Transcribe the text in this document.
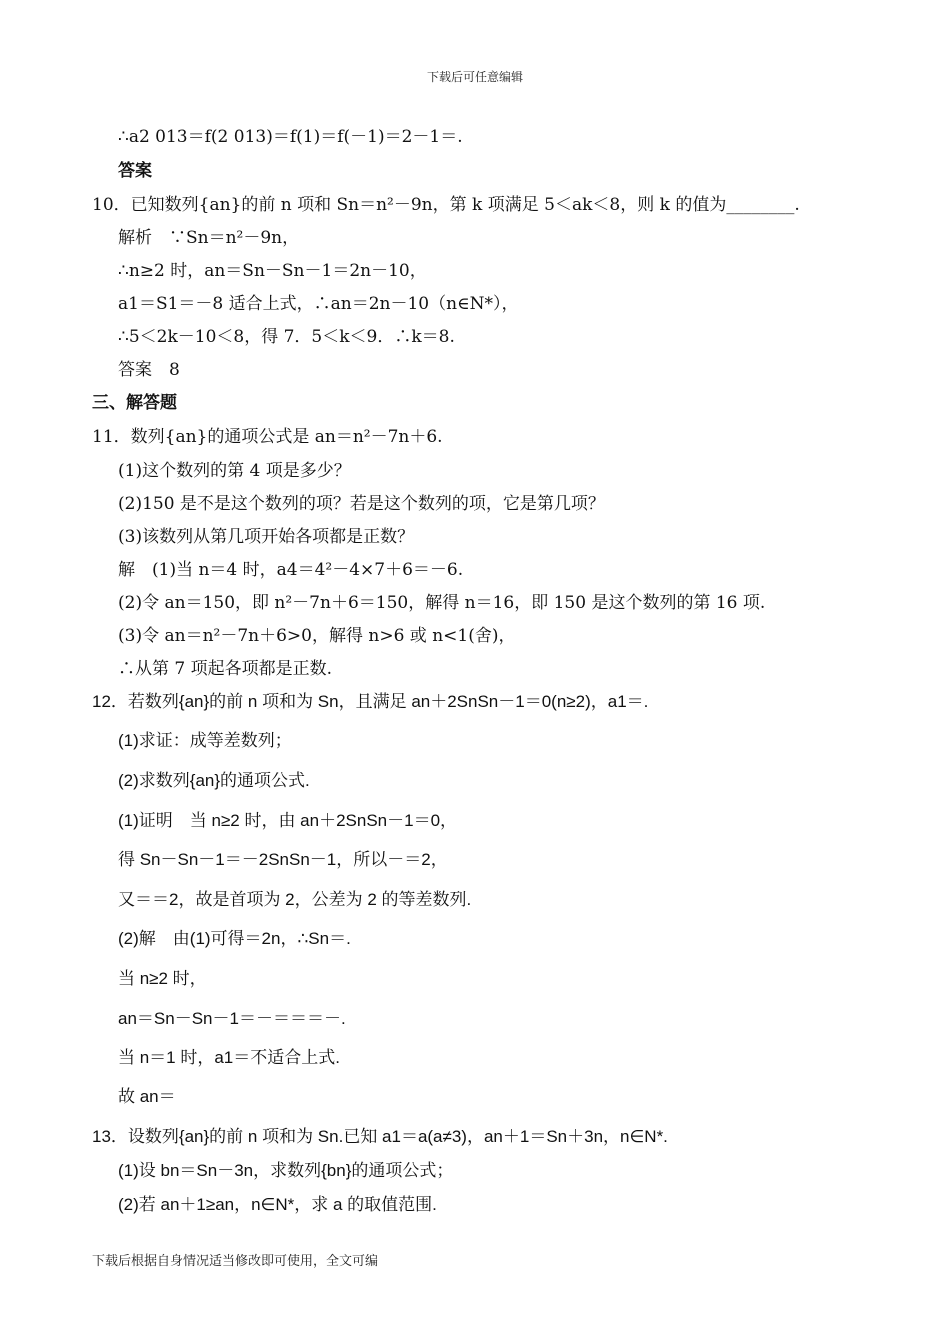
下载后可任意编辑
∴a2 013＝f(2 013)＝f(1)＝f(－1)＝2－1＝.
答案
10．已知数列{an}的前 n 项和 Sn＝n²－9n，第 k 项满足 5＜ak＜8，则 k 的值为________.
解析　∵Sn＝n²－9n，
∴n≥2 时，an＝Sn－Sn－1＝2n－10，
a1＝S1＝－8 适合上式，∴an＝2n－10（n∈N*），
∴5＜2k－10＜8，得 7．5＜k＜9．∴k＝8.
答案　8
三、解答题
11．数列{an}的通项公式是 an＝n²－7n＋6.
(1)这个数列的第 4 项是多少？
(2)150 是不是这个数列的项？若是这个数列的项，它是第几项？
(3)该数列从第几项开始各项都是正数？
解　(1)当 n＝4 时，a4＝4²－4×7＋6＝－6.
(2)令 an＝150，即 n²－7n＋6＝150，解得 n＝16，即 150 是这个数列的第 16 项.
(3)令 an＝n²－7n＋6>0，解得 n>6 或 n<1(舍)，
∴从第 7 项起各项都是正数.
12．若数列{an}的前 n 项和为 Sn，且满足 an＋2SnSn－1＝0(n≥2)，a1＝.
(1)求证：成等差数列；
(2)求数列{an}的通项公式.
(1)证明　当 n≥2 时，由 an＋2SnSn－1＝0，
得 Sn－Sn－1＝－2SnSn－1，所以－＝2，
又＝＝2，故是首项为 2，公差为 2 的等差数列.
(2)解　由(1)可得＝2n，∴Sn＝.
当 n≥2 时，
an＝Sn－Sn－1＝－＝＝＝－.
当 n＝1 时，a1＝不适合上式.
故 an＝
13．设数列{an}的前 n 项和为 Sn.已知 a1＝a(a≠3)，an＋1＝Sn＋3n，n∈N*.
(1)设 bn＝Sn－3n，求数列{bn}的通项公式；
(2)若 an＋1≥an，n∈N*，求 a 的取值范围.
下载后根据自身情况适当修改即可使用，全文可编
